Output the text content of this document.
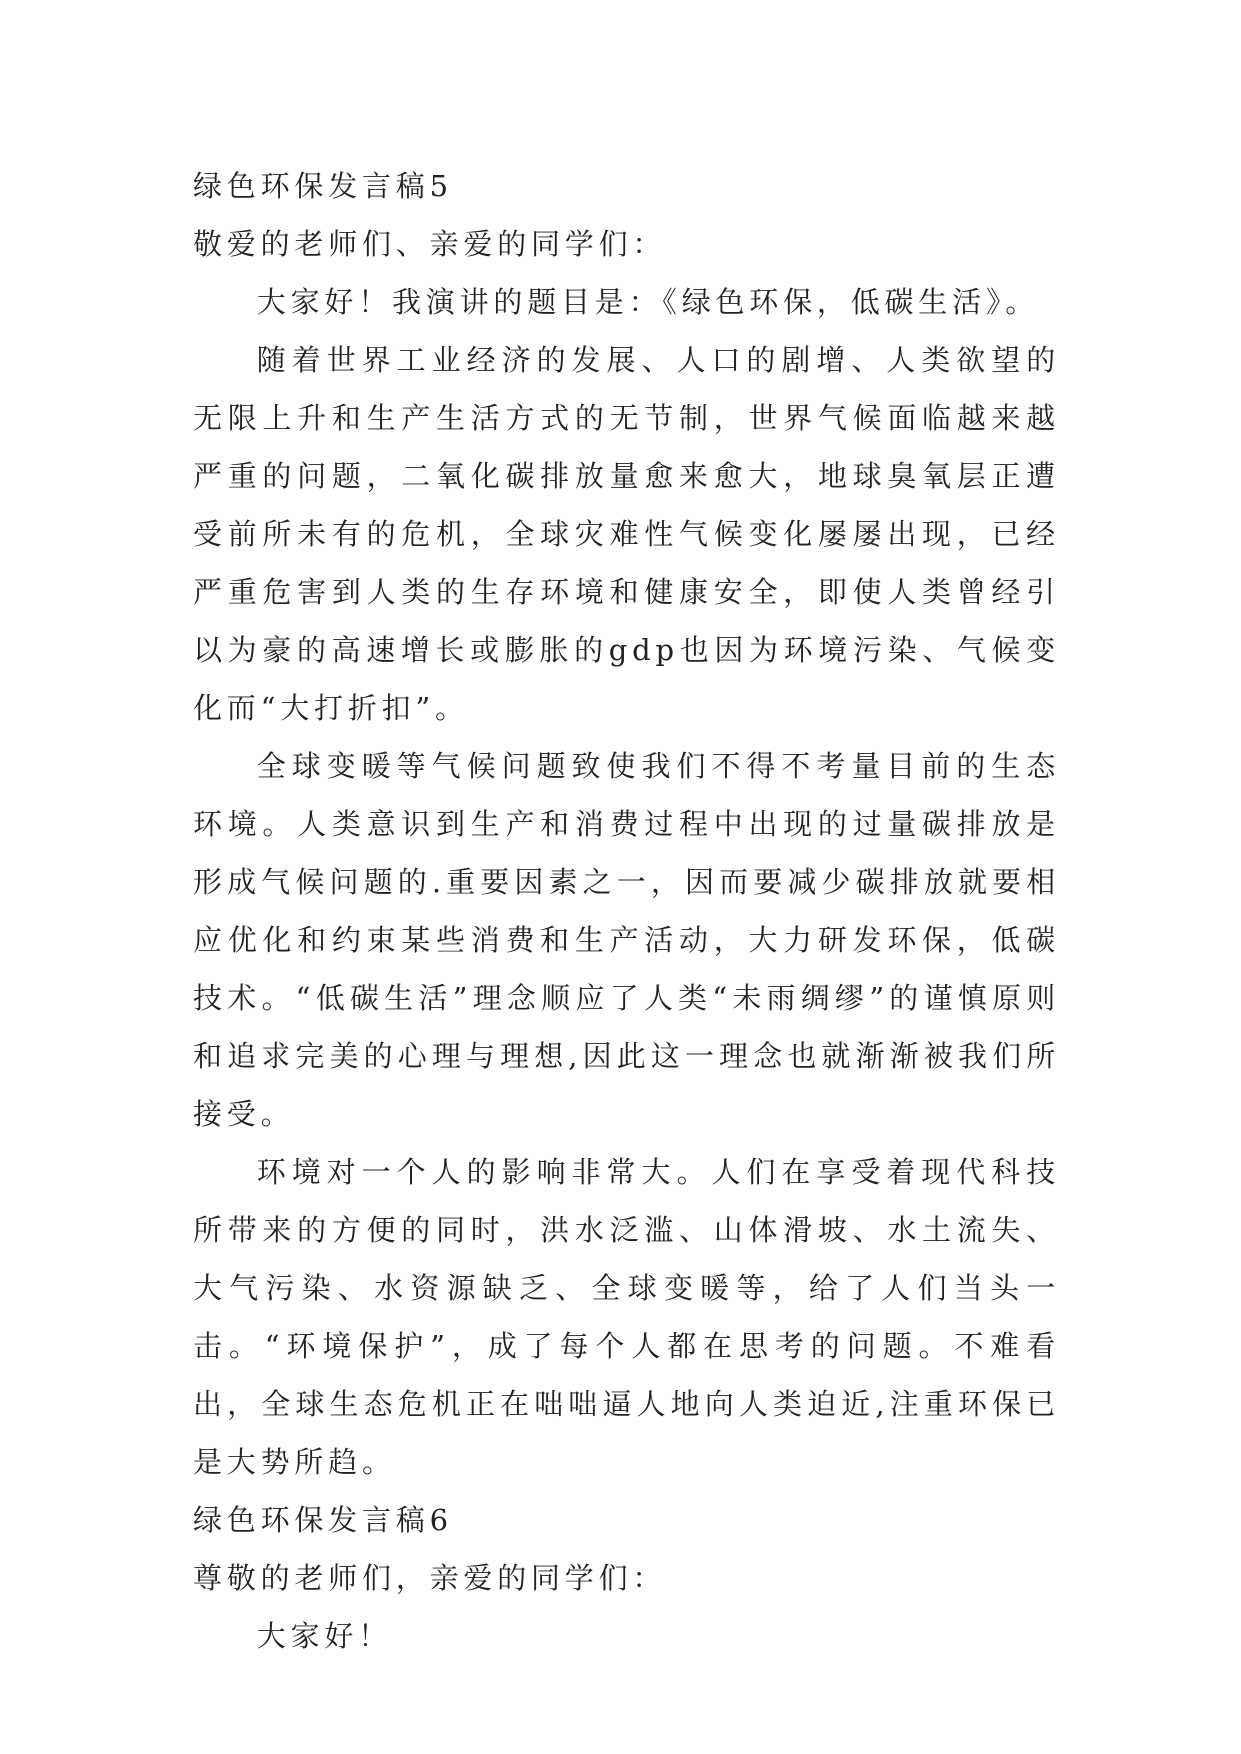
绿色环保发言稿5

敬爱的老师们、亲爱的同学们：

大家好！我演讲的题目是：《绿色环保，低碳生活》。

随着世界工业经济的发展、人口的剧增、人类欲望的无限上升和生产生活方式的无节制，世界气候面临越来越严重的问题，二氧化碳排放量愈来愈大，地球臭氧层正遭受前所未有的危机，全球灾难性气候变化屡屡出现，已经严重危害到人类的生存环境和健康安全，即使人类曾经引以为豪的高速增长或膨胀的gdp也因为环境污染、气候变化而“大打折扣”。

全球变暖等气候问题致使我们不得不考量目前的生态环境。人类意识到生产和消费过程中出现的过量碳排放是形成气候问题的.重要因素之一，因而要减少碳排放就要相应优化和约束某些消费和生产活动，大力研发环保，低碳技术。“低碳生活”理念顺应了人类“未雨绸缪”的谨慎原则和追求完美的心理与理想,因此这一理念也就渐渐被我们所接受。

环境对一个人的影响非常大。人们在享受着现代科技所带来的方便的同时，洪水泛滥、山体滑坡、水土流失、大气污染、水资源缺乏、全球变暖等，给了人们当头一击。“环境保护”，成了每个人都在思考的问题。不难看出，全球生态危机正在咄咄逼人地向人类迫近,注重环保已是大势所趋。

绿色环保发言稿6

尊敬的老师们，亲爱的同学们：

大家好！
